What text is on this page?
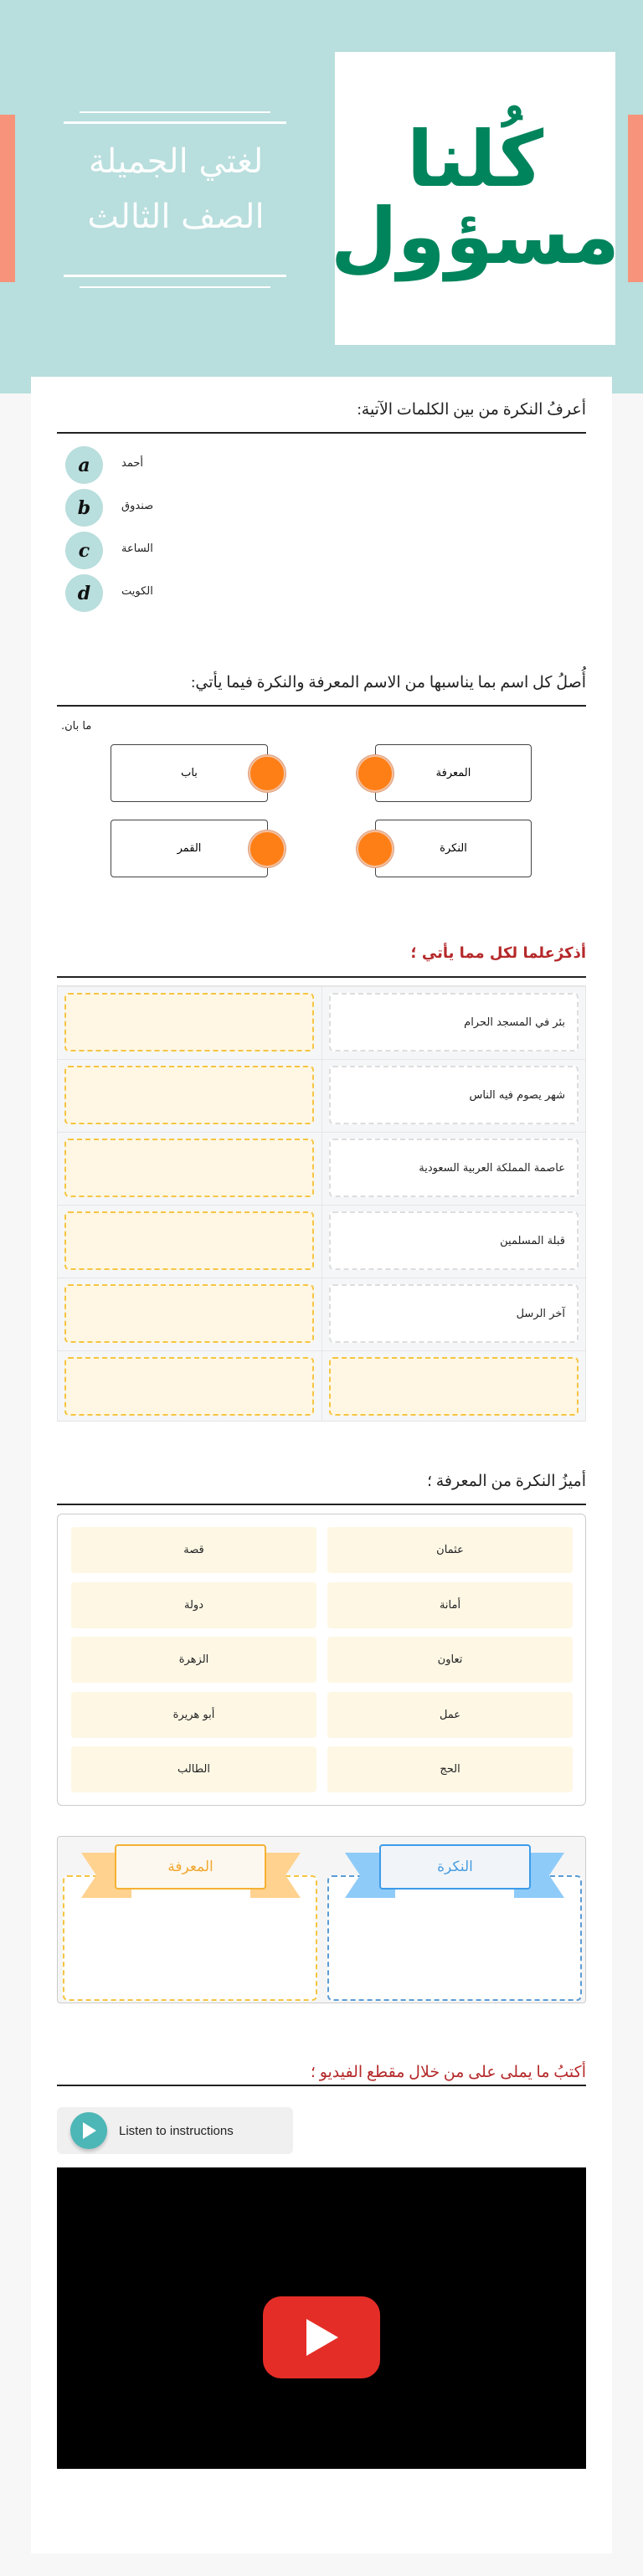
لغتي الجميلة
الصف الثالث
كُلنا
مسؤول
أعرفُ النكرة من بين الكلمات الآتية:
أُصلُ كل اسم بما يناسبها من الاسم المعرفة والنكرة فيما يأتي:
ما بان.
باب
القمر
المعرفة
النكرة
أذكرُعلما لكل مما يأتي ؛
بئر في المسجد الحرام
شهر يصوم فيه الناس
عاصمة المملكة العربية السعودية
قبلة المسلمين
آخر الرسل
أميزُ النكرة من المعرفة ؛
عثمان
قصة
أمانة
دولة
تعاون
الزهرة
عمل
أبو هريرة
الحج
الطالب
المعرفة	النكرة
أكتبُ ما يملى على من خلال مقطع الفيديو ؛
Listen to instructions
a	أحمد
b	صندوق
c	الساعة
d	الكويت
